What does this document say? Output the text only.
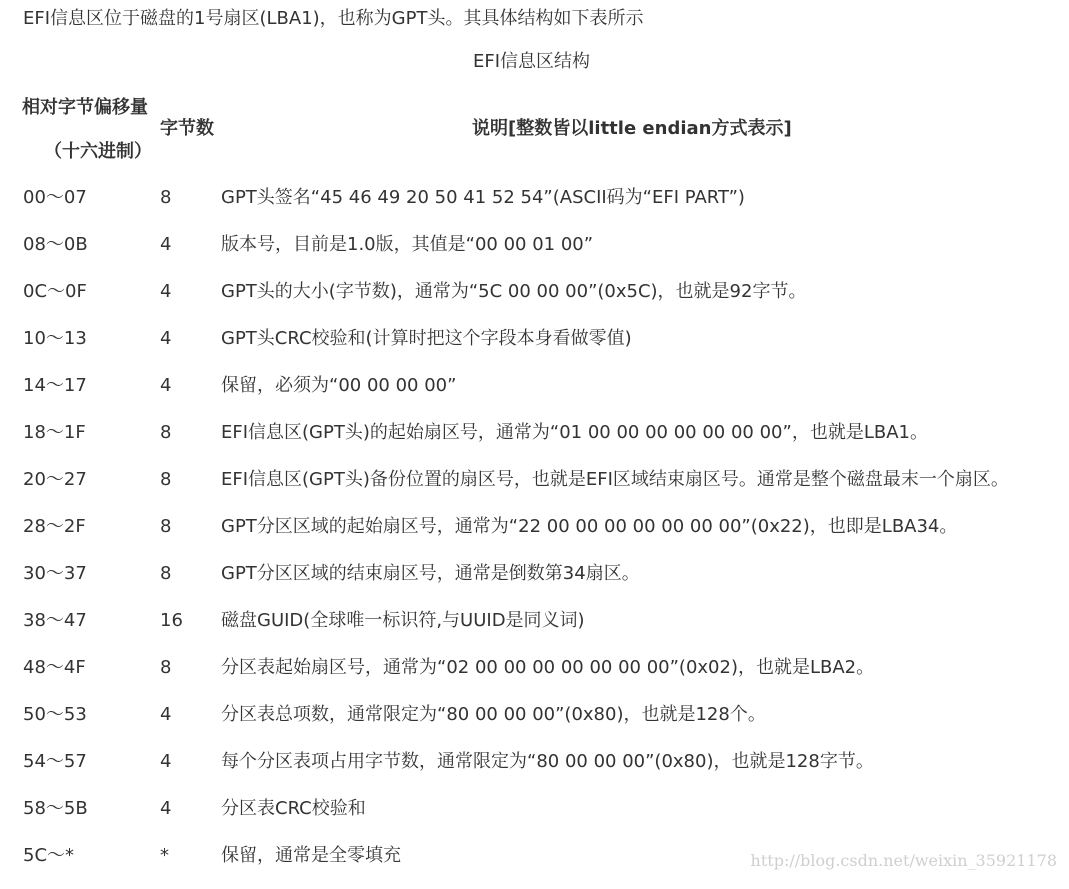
EFI信息区位于磁盘的1号扇区(LBA1)，也称为GPT头。其具体结构如下表所示
EFI信息区结构
相对字节偏移量
（十六进制）
字节数	说明[整数皆以little endian方式表示]
00～07	8	GPT头签名“45 46 49 20 50 41 52 54”(ASCII码为“EFI PART”)
08～0B	4	版本号，目前是1.0版，其值是“00 00 01 00”
0C～0F	4	GPT头的大小(字节数)，通常为“5C 00 00 00”(0x5C)，也就是92字节。
10～13	4	GPT头CRC校验和(计算时把这个字段本身看做零值)
14～17	4	保留，必须为“00 00 00 00”
18～1F	8	EFI信息区(GPT头)的起始扇区号，通常为“01 00 00 00 00 00 00 00”，也就是LBA1。
20～27	8	EFI信息区(GPT头)备份位置的扇区号，也就是EFI区域结束扇区号。通常是整个磁盘最末一个扇区。
28～2F	8	GPT分区区域的起始扇区号，通常为“22 00 00 00 00 00 00 00”(0x22)，也即是LBA34。
30～37	8	GPT分区区域的结束扇区号，通常是倒数第34扇区。
38～47	16 磁盘GUID(全球唯一标识符,与UUID是同义词)
48～4F	8	分区表起始扇区号，通常为“02 00 00 00 00 00 00 00”(0x02)，也就是LBA2。
50～53	4	分区表总项数，通常限定为“80 00 00 00”(0x80)，也就是128个。
54～57	4	每个分区表项占用字节数，通常限定为“80 00 00 00”(0x80)，也就是128字节。
58～5B	4	分区表CRC校验和
5C～*	*	保留，通常是全零填充	http://blog.csdn.net/weixin_35921178
